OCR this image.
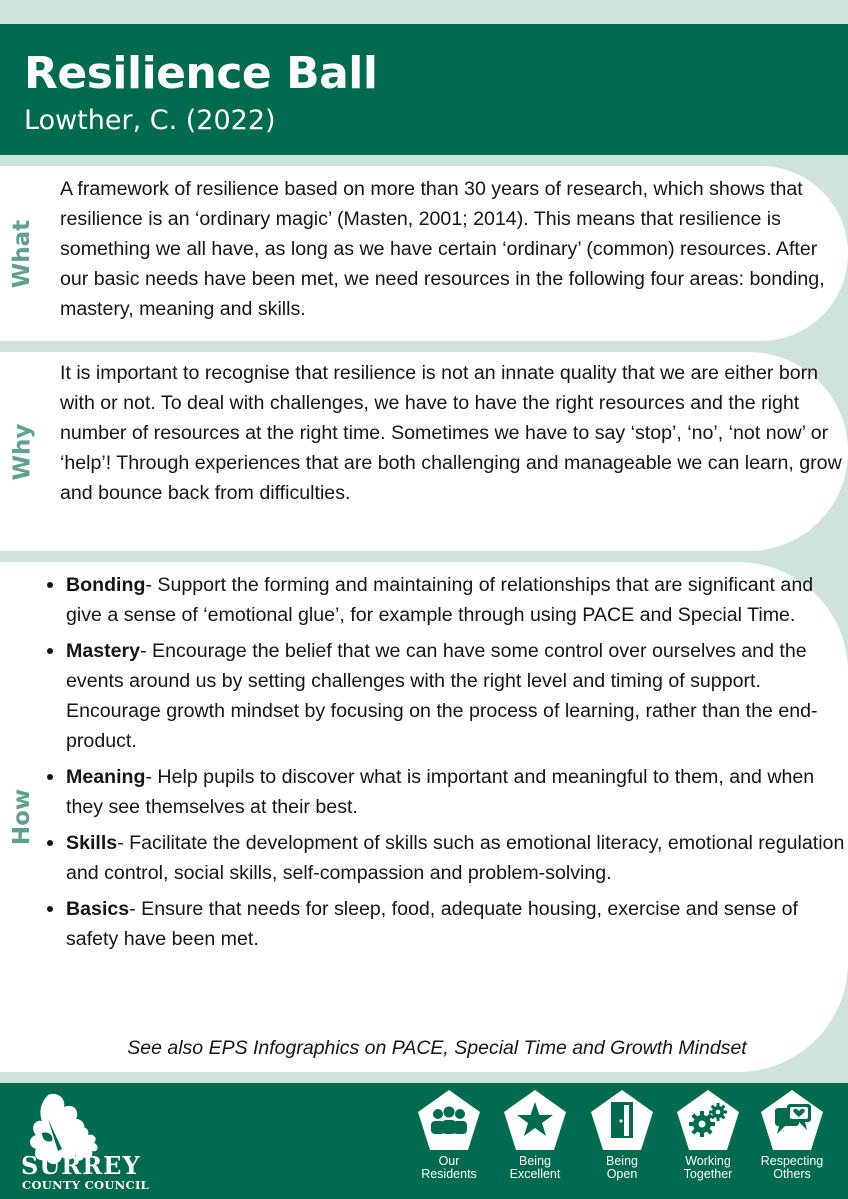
Resilience Ball
Lowther, C. (2022)
What
A framework of resilience based on more than 30 years of research, which shows that resilience is an ‘ordinary magic’ (Masten, 2001; 2014). This means that resilience is something we all have, as long as we have certain ‘ordinary’ (common) resources. After our basic needs have been met, we need resources in the following four areas: bonding, mastery, meaning and skills.
Why
It is important to recognise that resilience is not an innate quality that we are either born with or not. To deal with challenges, we have to have the right resources and the right number of resources at the right time. Sometimes we have to say ‘stop’, ‘no’, ‘not now’ or ‘help’! Through experiences that are both challenging and manageable we can learn, grow and bounce back from difficulties.
How
Bonding- Support the forming and maintaining of relationships that are significant and give a sense of ‘emotional glue’, for example through using PACE and Special Time.
Mastery- Encourage the belief that we can have some control over ourselves and the events around us by setting challenges with the right level and timing of support. Encourage growth mindset by focusing on the process of learning, rather than the end-product.
Meaning- Help pupils to discover what is important and meaningful to them, and when they see themselves at their best.
Skills- Facilitate the development of skills such as emotional literacy, emotional regulation and control, social skills, self-compassion and problem-solving.
Basics- Ensure that needs for sleep, food, adequate housing, exercise and sense of safety have been met.
See also EPS Infographics on PACE, Special Time and Growth Mindset
SURREY
COUNTY COUNCIL
Our
Residents
Being
Excellent
Being
Open
Working
Together
Respecting
Others
